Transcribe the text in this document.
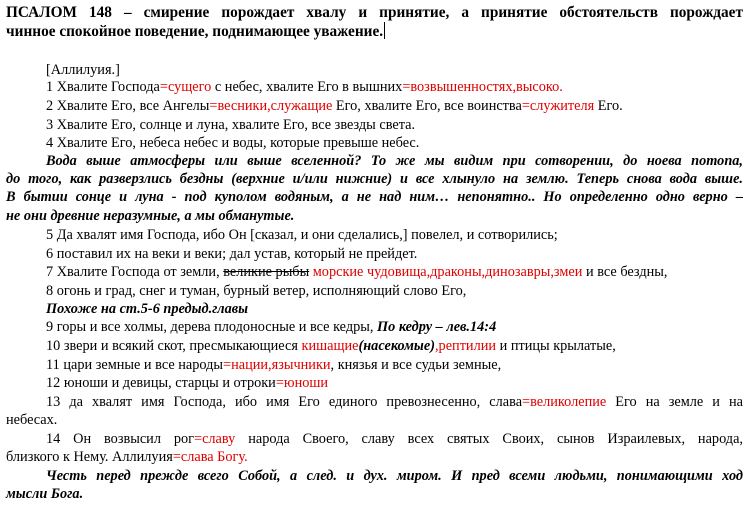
ПСАЛОМ 148 – смирение порождает хвалу и принятие, а принятие обстоятельств порождает
чинное спокойное поведение, поднимающее уважение.
[Аллилуия.]
1 Хвалите Господа=сущего с небес, хвалите Его в вышних=возвышенностях,высоко.
2 Хвалите Его, все Ангелы=весники,служащие Его, хвалите Его, все воинства=служителя Его.
3 Хвалите Его, солнце и луна, хвалите Его, все звезды света.
4 Хвалите Его, небеса небес и воды, которые превыше небес.
Вода выше атмосферы или выше вселенной? То же мы видим при сотворении, до ноева потопа,
до того, как разверзлись бездны (верхние и/или нижние) и все хлынуло на землю. Теперь снова вода выше.
В бытии сонце и луна - под куполом водяным, а не над ним… непонятно.. Но определенно одно верно –
не они древние неразумные, а мы обманутые.
5 Да хвалят имя Господа, ибо Он [сказал, и они сделались,] повелел, и сотворились;
6 поставил их на веки и веки; дал устав, который не прейдет.
7 Хвалите Господа от земли, великие рыбы морские чудовища,драконы,динозавры,змеи и все бездны,
8 огонь и град, снег и туман, бурный ветер, исполняющий слово Его,
Похоже на ст.5-6 предыд.главы
9 горы и все холмы, дерева плодоносные и все кедры, По кедру – лев.14:4
10 звери и всякий скот, пресмыкающиеся кишащие(насекомые),рептилии и птицы крылатые,
11 цари земные и все народы=нации,язычники, князья и все судьи земные,
12 юноши и девицы, старцы и отроки=юноши
13 да хвалят имя Господа, ибо имя Его единого превознесенно, слава=великолепие Его на земле и на
небесах.
14 Он возвысил рог=славу народа Своего, славу всех святых Своих, сынов Израилевых, народа,
близкого к Нему. Аллилуия=слава Богу.
Честь перед прежде всего Собой, а след. и дух. миром. И пред всеми людьми, понимающими ход
мысли Бога.
